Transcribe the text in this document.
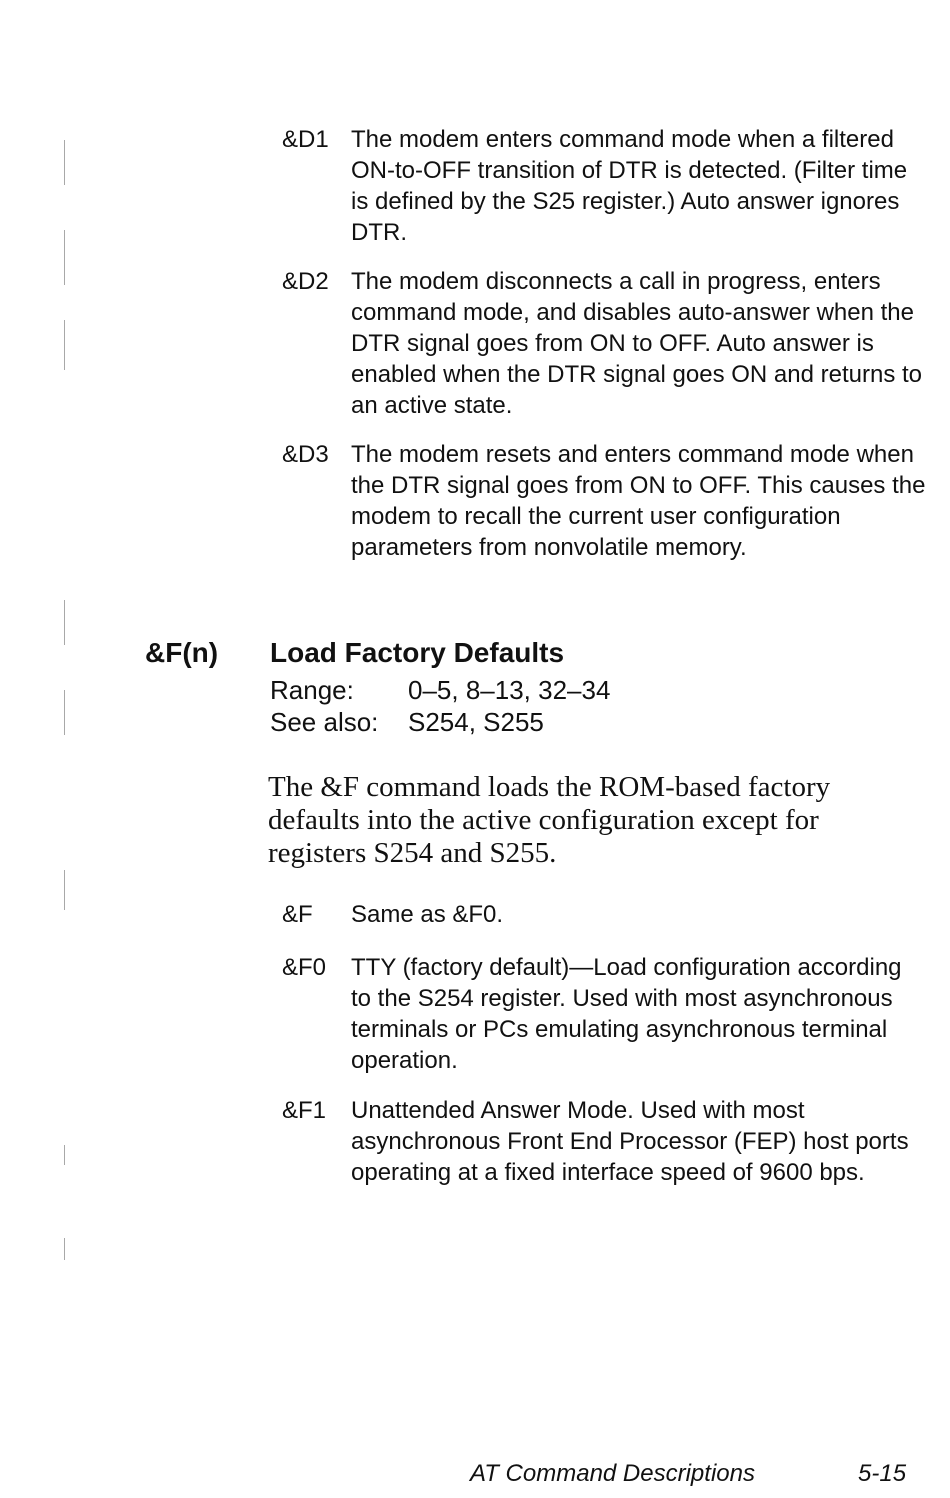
&D1 The modem enters command mode when a filtered ON-to-OFF transition of DTR is detected. (Filter time is defined by the S25 register.) Auto answer ignores DTR.
&D2 The modem disconnects a call in progress, enters command mode, and disables auto-answer when the DTR signal goes from ON to OFF. Auto answer is enabled when the DTR signal goes ON and returns to an active state.
&D3 The modem resets and enters command mode when the DTR signal goes from ON to OFF. This causes the modem to recall the current user configuration parameters from nonvolatile memory.
&F(n) Load Factory Defaults
Range: 0–5, 8–13, 32–34
See also: S254, S255
The &F command loads the ROM-based factory defaults into the active configuration except for registers S254 and S255.
&F	Same as &F0.
&F0	TTY (factory default)—Load configuration according to the S254 register. Used with most asynchronous terminals or PCs emulating asynchronous terminal operation.
&F1	Unattended Answer Mode. Used with most asynchronous Front End Processor (FEP) host ports operating at a fixed interface speed of 9600 bps.
AT Command Descriptions	5-15
